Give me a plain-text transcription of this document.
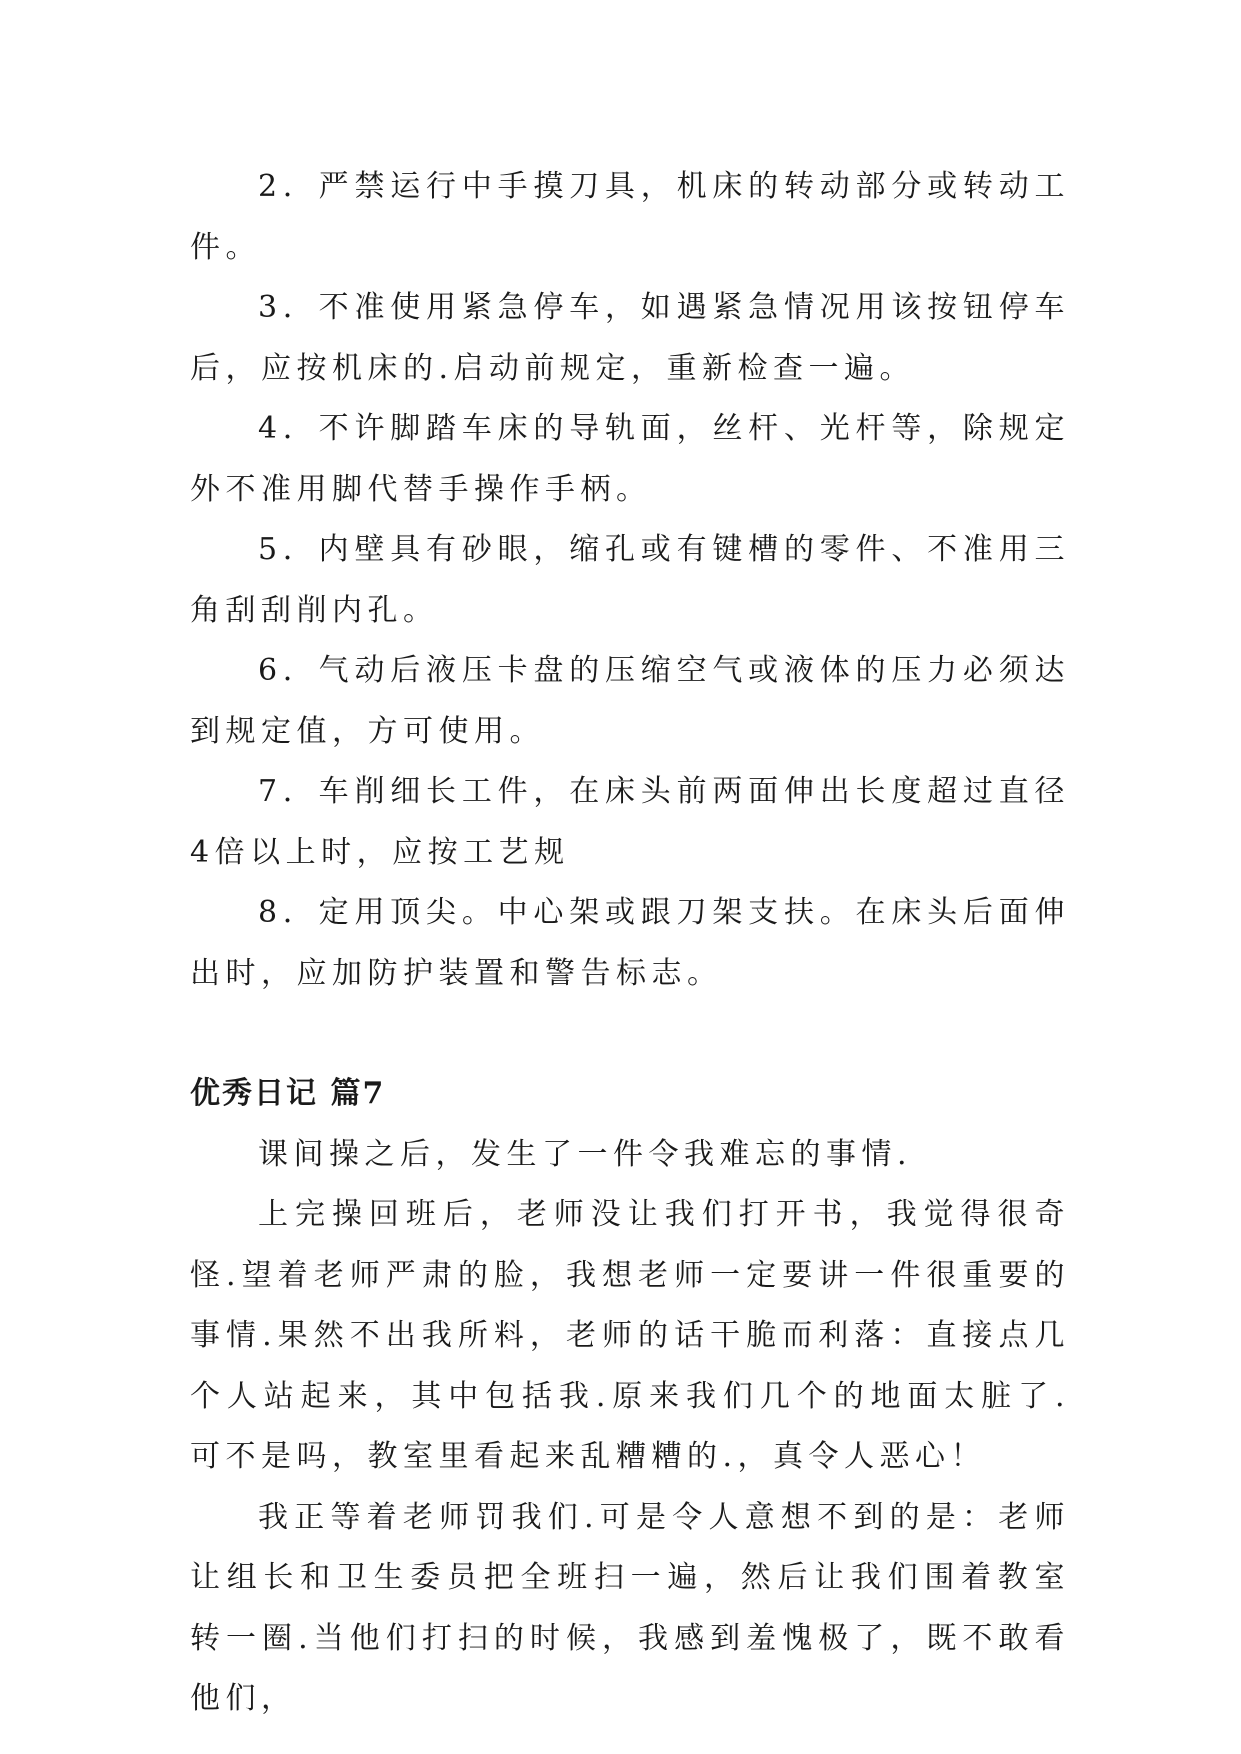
2．严禁运行中手摸刀具，机床的转动部分或转动工件。

3．不准使用紧急停车，如遇紧急情况用该按钮停车后，应按机床的.启动前规定，重新检查一遍。

4．不许脚踏车床的导轨面，丝杆、光杆等，除规定外不准用脚代替手操作手柄。

5．内壁具有砂眼，缩孔或有键槽的零件、不准用三角刮刮削内孔。

6．气动后液压卡盘的压缩空气或液体的压力必须达到规定值，方可使用。

7．车削细长工件，在床头前两面伸出长度超过直径4倍以上时，应按工艺规

8．定用顶尖。中心架或跟刀架支扶。在床头后面伸出时，应加防护装置和警告标志。

优秀日记 篇7

课间操之后，发生了一件令我难忘的事情.

上完操回班后，老师没让我们打开书，我觉得很奇怪.望着老师严肃的脸，我想老师一定要讲一件很重要的事情.果然不出我所料，老师的话干脆而利落：直接点几个人站起来，其中包括我.原来我们几个的地面太脏了.可不是吗，教室里看起来乱糟糟的.，真令人恶心！

我正等着老师罚我们.可是令人意想不到的是：老师让组长和卫生委员把全班扫一遍，然后让我们围着教室转一圈.当他们打扫的时候，我感到羞愧极了，既不敢看他们，
